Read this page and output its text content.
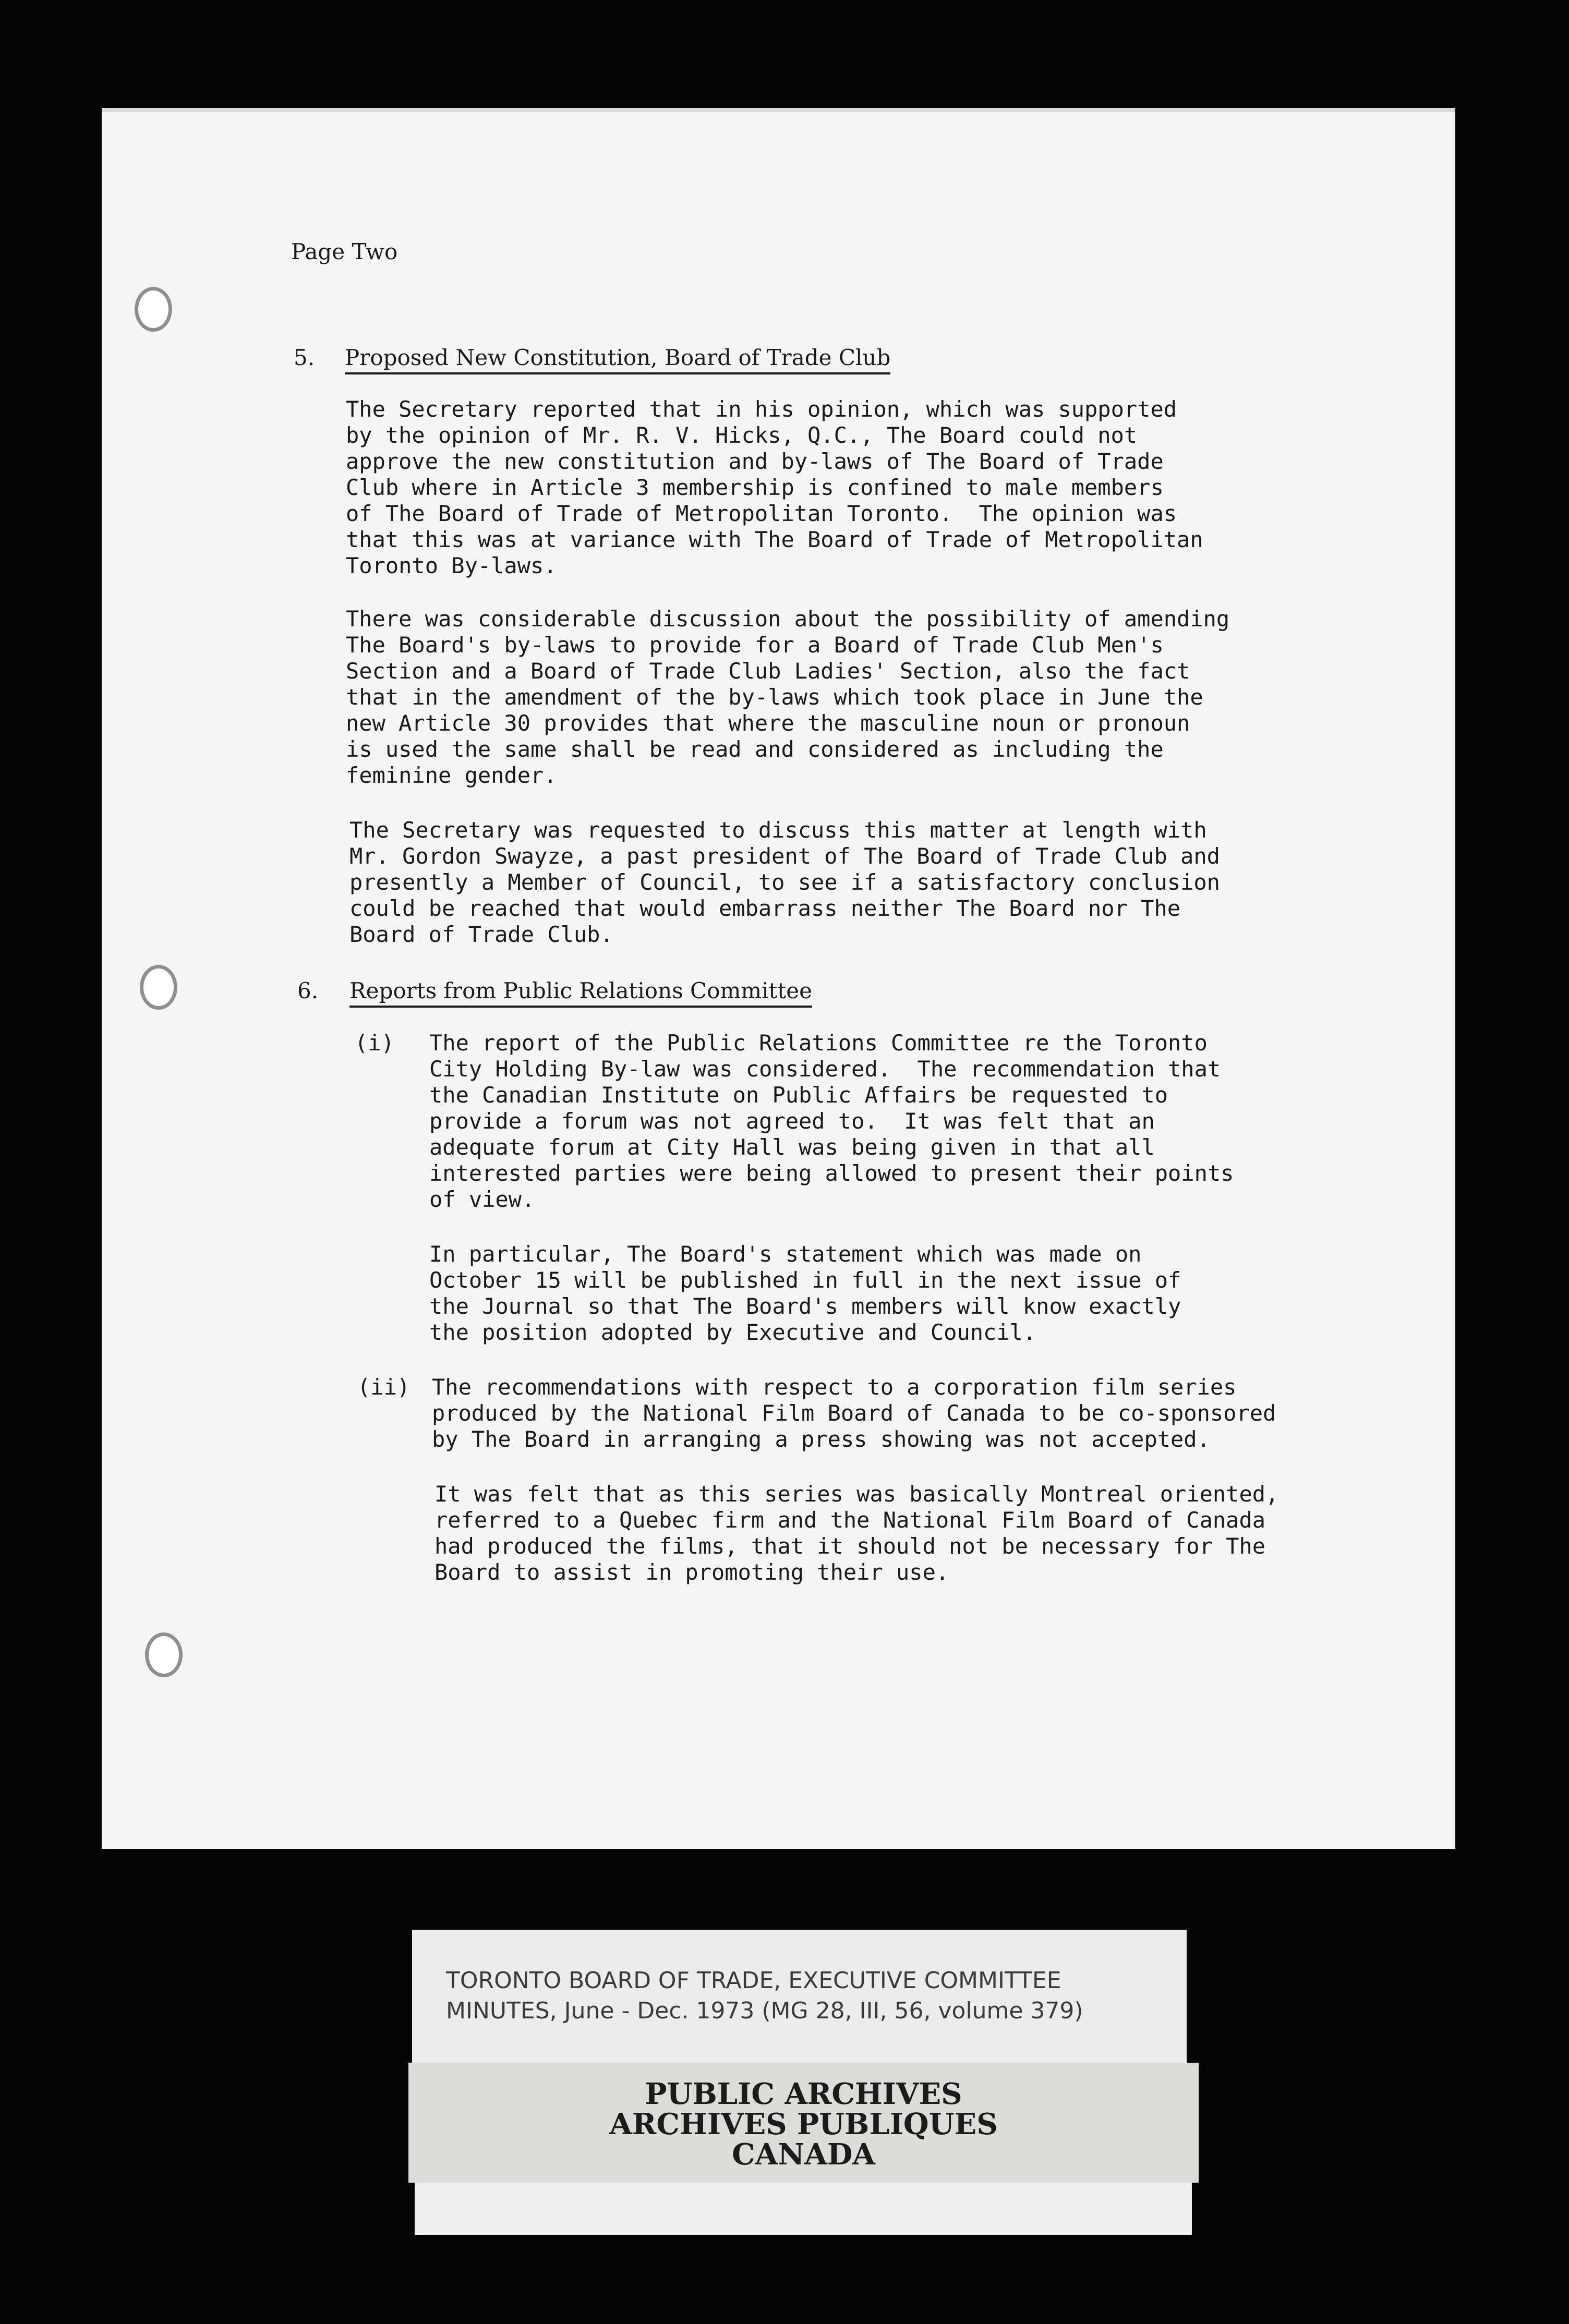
Page Two

5. Proposed New Constitution, Board of Trade Club

The Secretary reported that in his opinion, which was supported

by the opinion of Mr. R. V. Hicks, Q.C., The Board could not

approve the new constitution and by-laws of The Board of Trade

Club where in Article 3 membership is confined to male members

of The Board of Trade of Metropolitan Toronto.  The opinion was

that this was at variance with The Board of Trade of Metropolitan

Toronto By-laws.

There was considerable discussion about the possibility of amending

The Board's by-laws to provide for a Board of Trade Club Men's

Section and a Board of Trade Club Ladies' Section, also the fact

that in the amendment of the by-laws which took place in June the

new Article 30 provides that where the masculine noun or pronoun

is used the same shall be read and considered as including the

feminine gender.

The Secretary was requested to discuss this matter at length with

Mr. Gordon Swayze, a past president of The Board of Trade Club and

presently a Member of Council, to see if a satisfactory conclusion

could be reached that would embarrass neither The Board nor The

Board of Trade Club.

6. Reports from Public Relations Committee

(i) The report of the Public Relations Committee re the Toronto

City Holding By-law was considered.  The recommendation that

the Canadian Institute on Public Affairs be requested to

provide a forum was not agreed to.  It was felt that an

adequate forum at City Hall was being given in that all

interested parties were being allowed to present their points

of view.

In particular, The Board's statement which was made on

October 15 will be published in full in the next issue of

the Journal so that The Board's members will know exactly

the position adopted by Executive and Council.

(ii) The recommendations with respect to a corporation film series

produced by the National Film Board of Canada to be co-sponsored

by The Board in arranging a press showing was not accepted.

It was felt that as this series was basically Montreal oriented,

referred to a Quebec firm and the National Film Board of Canada

had produced the films, that it should not be necessary for The

Board to assist in promoting their use.

TORONTO BOARD OF TRADE, EXECUTIVE COMMITTEE

MINUTES, June - Dec. 1973 (MG 28, III, 56, volume 379)

PUBLIC ARCHIVES

ARCHIVES PUBLIQUES

CANADA
